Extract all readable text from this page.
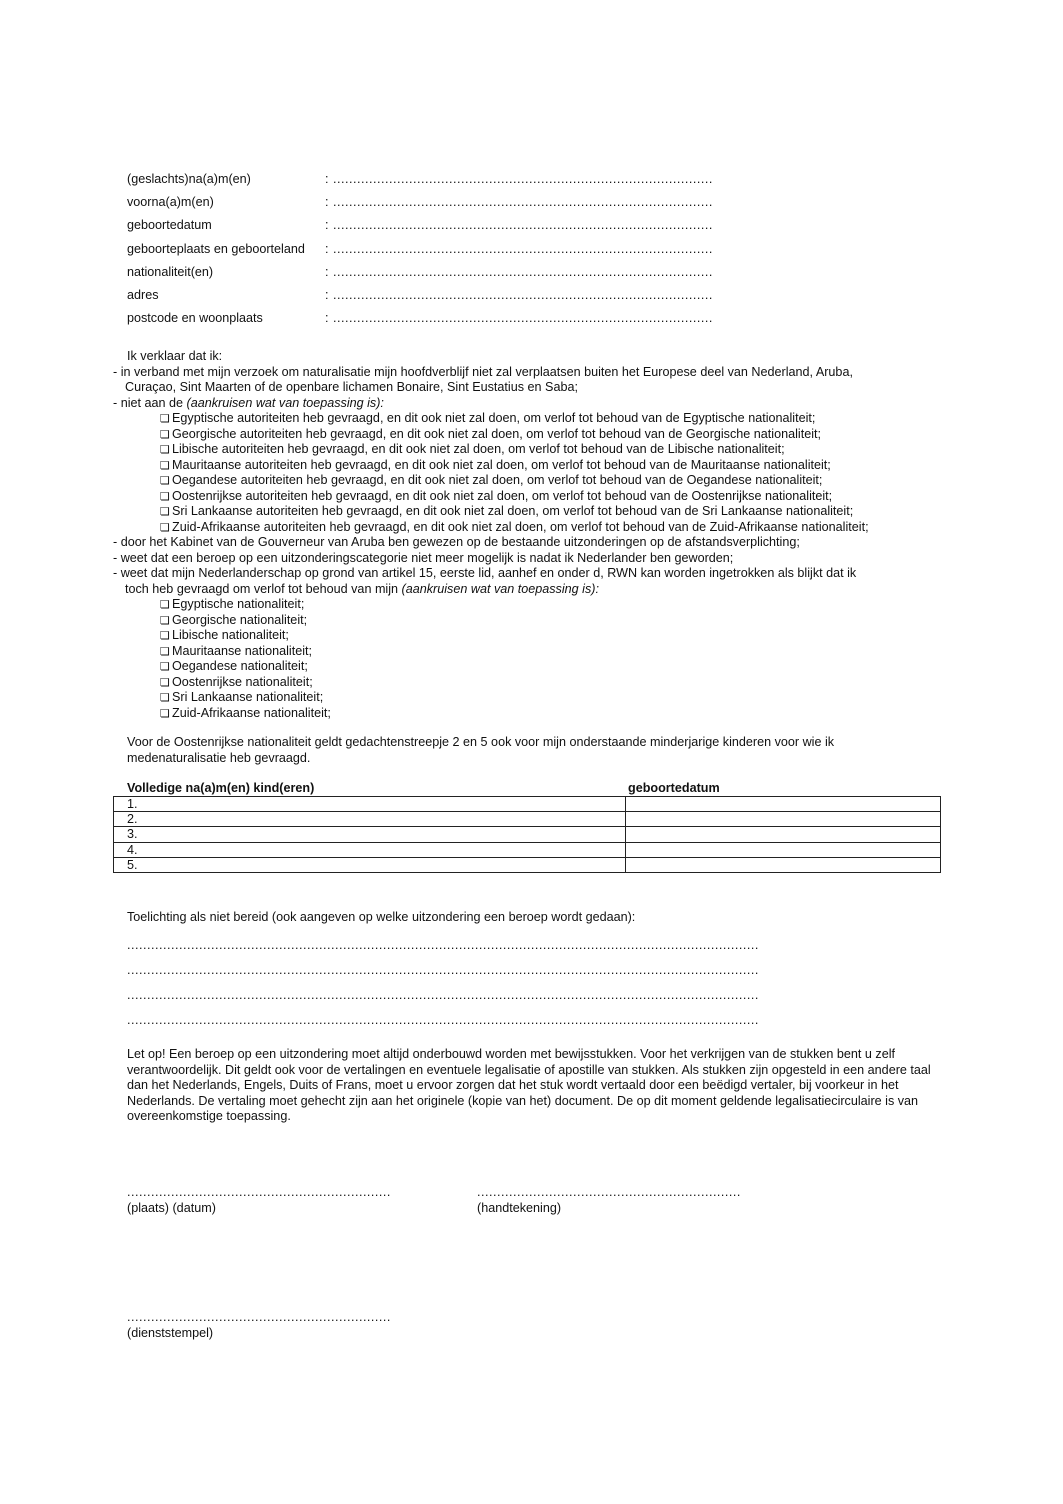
(geslachts)na(a)m(en)	: ...............................................................................................
voorna(a)m(en)	: ...............................................................................................
geboortedatum	: ...............................................................................................
geboorteplaats en geboorteland : ...............................................................................................
nationaliteit(en)	: ...............................................................................................
adres	: ...............................................................................................
postcode en woonplaats	: ...............................................................................................
Ik verklaar dat ik:
- in verband met mijn verzoek om naturalisatie mijn hoofdverblijf niet zal verplaatsen buiten het Europese deel van Nederland, Aruba,
Curaçao, Sint Maarten of de openbare lichamen Bonaire, Sint Eustatius en Saba;
- niet aan de (aankruisen wat van toepassing is):
❏ Egyptische autoriteiten heb gevraagd, en dit ook niet zal doen, om verlof tot behoud van de Egyptische nationaliteit;
❏ Georgische autoriteiten heb gevraagd, en dit ook niet zal doen, om verlof tot behoud van de Georgische nationaliteit;
❏ Libische autoriteiten heb gevraagd, en dit ook niet zal doen, om verlof tot behoud van de Libische nationaliteit;
❏ Mauritaanse autoriteiten heb gevraagd, en dit ook niet zal doen, om verlof tot behoud van de Mauritaanse nationaliteit;
❏ Oegandese autoriteiten heb gevraagd, en dit ook niet zal doen, om verlof tot behoud van de Oegandese nationaliteit;
❏ Oostenrijkse autoriteiten heb gevraagd, en dit ook niet zal doen, om verlof tot behoud van de Oostenrijkse nationaliteit;
❏ Sri Lankaanse autoriteiten heb gevraagd, en dit ook niet zal doen, om verlof tot behoud van de Sri Lankaanse nationaliteit;
❏ Zuid-Afrikaanse autoriteiten heb gevraagd, en dit ook niet zal doen, om verlof tot behoud van de Zuid-Afrikaanse nationaliteit;
- door het Kabinet van de Gouverneur van Aruba ben gewezen op de bestaande uitzonderingen op de afstandsverplichting;
- weet dat een beroep op een uitzonderingscategorie niet meer mogelijk is nadat ik Nederlander ben geworden;
- weet dat mijn Nederlanderschap op grond van artikel 15, eerste lid, aanhef en onder d, RWN kan worden ingetrokken als blijkt dat ik
toch heb gevraagd om verlof tot behoud van mijn (aankruisen wat van toepassing is):
❏ Egyptische nationaliteit;
❏ Georgische nationaliteit;
❏ Libische nationaliteit;
❏ Mauritaanse nationaliteit;
❏ Oegandese nationaliteit;
❏ Oostenrijkse nationaliteit;
❏ Sri Lankaanse nationaliteit;
❏ Zuid-Afrikaanse nationaliteit;
Voor de Oostenrijkse nationaliteit geldt gedachtenstreepje 2 en 5 ook voor mijn onderstaande minderjarige kinderen voor wie ik medenaturalisatie heb gevraagd.
Volledige na(a)m(en) kind(eren)	geboortedatum
1.	
2.	
3.	
4.	
5.	
Toelichting als niet bereid (ook aangeven op welke uitzondering een beroep wordt gedaan):
..............................................................................................................................................................
..............................................................................................................................................................
..............................................................................................................................................................
..............................................................................................................................................................
Let op! Een beroep op een uitzondering moet altijd onderbouwd worden met bewijsstukken. Voor het verkrijgen van de stukken bent u zelf verantwoordelijk. Dit geldt ook voor de vertalingen en eventuele legalisatie of apostille van stukken. Als stukken zijn opgesteld in een andere taal dan het Nederlands, Engels, Duits of Frans, moet u ervoor zorgen dat het stuk wordt vertaald door een beëdigd vertaler, bij voorkeur in het Nederlands. De vertaling moet gehecht zijn aan het originele (kopie van het) document. De op dit moment geldende legalisatiecirculaire is van overeenkomstige toepassing.
..................................................................
(plaats) (datum)
..................................................................
(handtekening)
..................................................................
(dienststempel)
